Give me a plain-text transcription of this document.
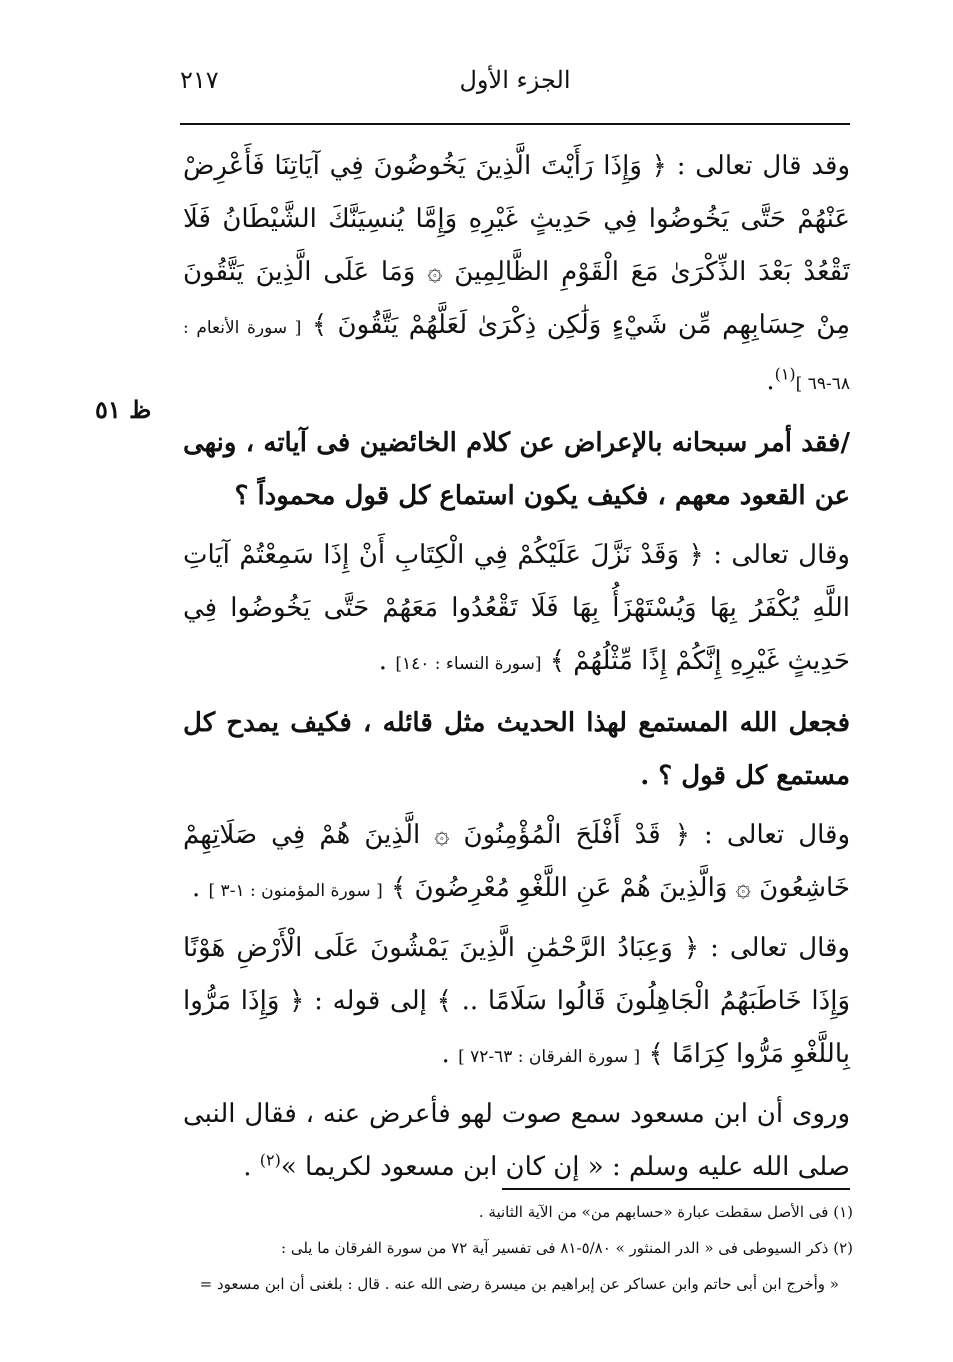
٢١٧	الجزء الأول
ظ ٥١

وقد قال تعالى : ﴿ وَإِذَا رَأَيْتَ الَّذِينَ يَخُوضُونَ فِي آيَاتِنَا فَأَعْرِضْ عَنْهُمْ حَتَّى يَخُوضُوا فِي حَدِيثٍ غَيْرِهِ وَإِمَّا يُنسِيَنَّكَ الشَّيْطَانُ فَلَا تَقْعُدْ بَعْدَ الذِّكْرَىٰ مَعَ الْقَوْمِ الظَّالِمِينَ ۞ وَمَا عَلَى الَّذِينَ يَتَّقُونَ مِنْ حِسَابِهِم مِّن شَيْءٍ وَلَٰكِن ذِكْرَىٰ لَعَلَّهُمْ يَتَّقُونَ ﴾ [ سورة الأنعام : ٦٨-٦٩ ]$^{(١)}$.

/فقد أمر سبحانه بالإعراض عن كلام الخائضين فى آياته ، ونهى عن القعود معهم ، فكيف يكون استماع كل قول محموداً ؟

وقال تعالى : ﴿ وَقَدْ نَزَّلَ عَلَيْكُمْ فِي الْكِتَابِ أَنْ إِذَا سَمِعْتُمْ آيَاتِ اللَّهِ يُكْفَرُ بِهَا وَيُسْتَهْزَأُ بِهَا فَلَا تَقْعُدُوا مَعَهُمْ حَتَّى يَخُوضُوا فِي حَدِيثٍ غَيْرِهِ إِنَّكُمْ إِذًا مِّثْلُهُمْ ﴾ [سورة النساء : ١٤٠] .

فجعل الله المستمع لهذا الحديث مثل قائله ، فكيف يمدح كل مستمع كل قول ؟ .

وقال تعالى : ﴿ قَدْ أَفْلَحَ الْمُؤْمِنُونَ ۞ الَّذِينَ هُمْ فِي صَلَاتِهِمْ خَاشِعُونَ ۞ وَالَّذِينَ هُمْ عَنِ اللَّغْوِ مُعْرِضُونَ ﴾ [ سورة المؤمنون : ١-٣ ] .

وقال تعالى : ﴿ وَعِبَادُ الرَّحْمَٰنِ الَّذِينَ يَمْشُونَ عَلَى الْأَرْضِ هَوْنًا وَإِذَا خَاطَبَهُمُ الْجَاهِلُونَ قَالُوا سَلَامًا .. ﴾ إلى قوله : ﴿ وَإِذَا مَرُّوا بِاللَّغْوِ مَرُّوا كِرَامًا ﴾ [ سورة الفرقان : ٦٣-٧٢ ] .

وروى أن ابن مسعود سمع صوت لهو فأعرض عنه ، فقال النبى صلى الله عليه وسلم : « إن كان ابن مسعود لكريما »$^{(٢)}$ .

(١) فى الأصل سقطت عبارة «حسابهم من» من الآية الثانية .
(٢) ذكر السيوطى فى « الدر المنثور » ٥/٨٠-٨١ فى تفسير آية ٧٢ من سورة الفرقان ما يلى :
« وأخرج ابن أبى حاتم وابن عساكر عن إبراهيم بن ميسرة رضى الله عنه . قال : بلغنى أن ابن مسعود =
